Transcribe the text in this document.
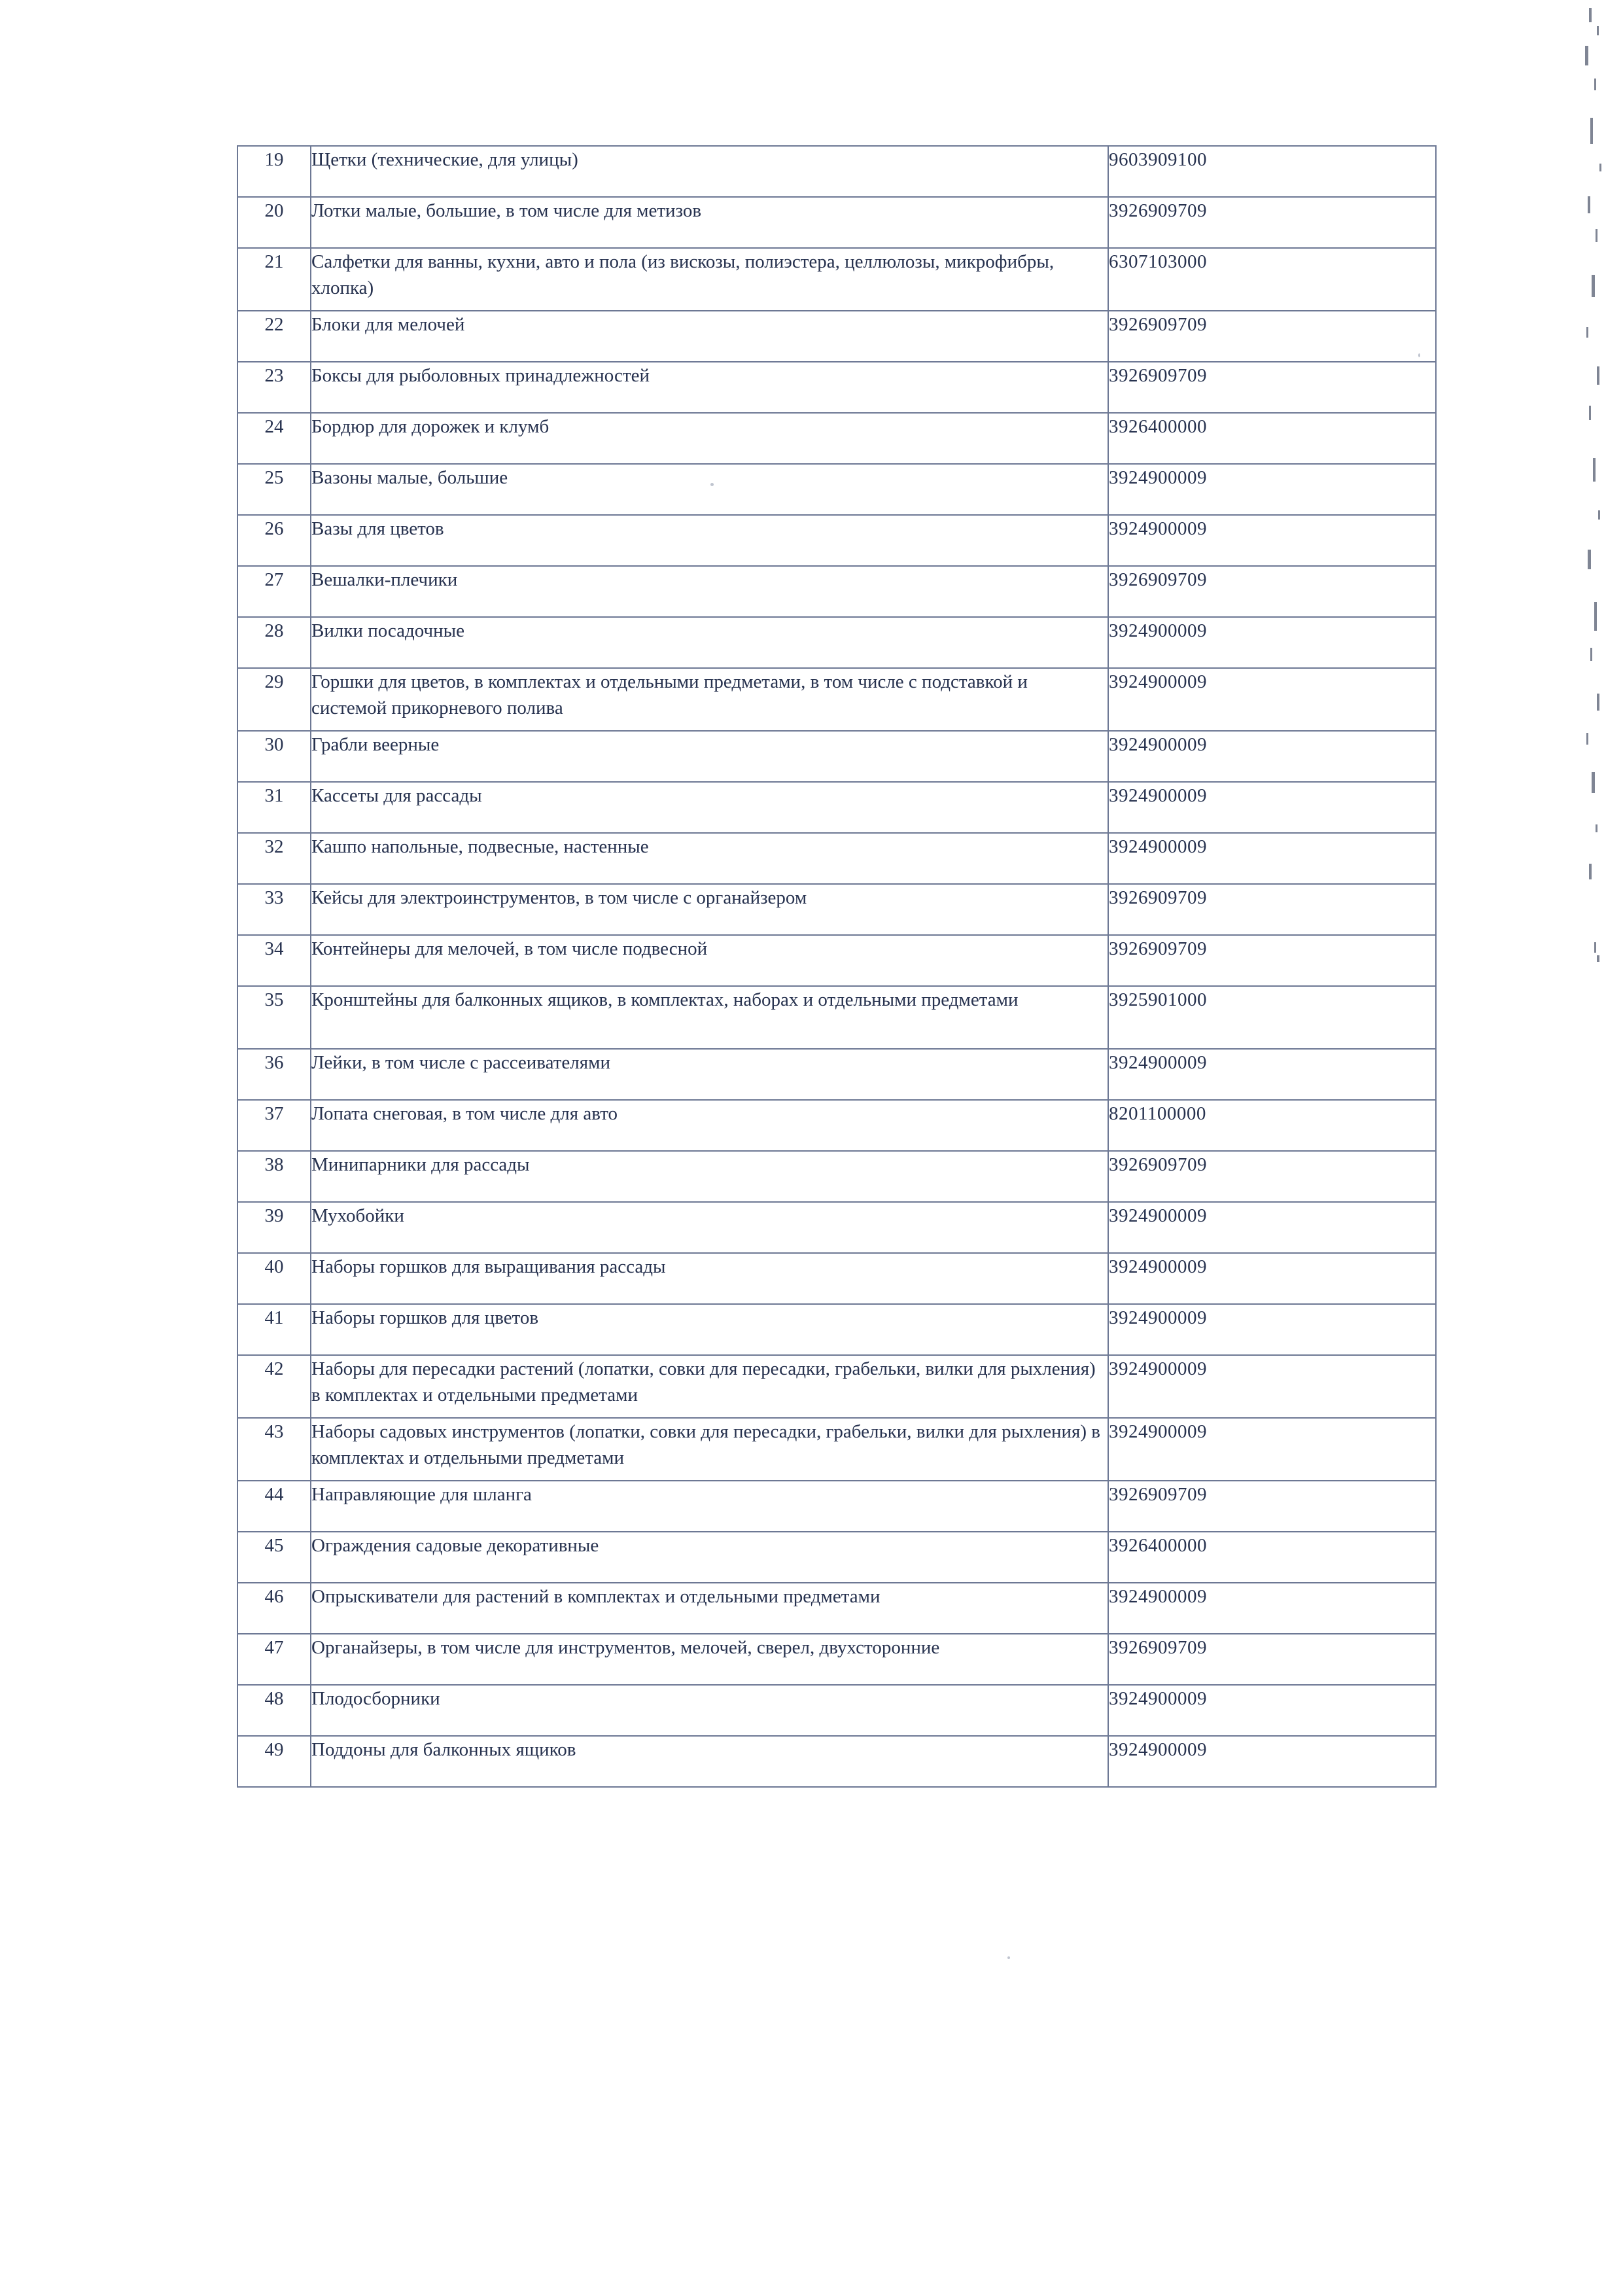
19	Щетки (технические, для улицы)	9603909100
20	Лотки малые, большие, в том числе для метизов	3926909709
21	Салфетки для ванны, кухни, авто и пола (из вискозы, полиэстера, целлюлозы, микрофибры, хлопка)	6307103000
22	Блоки для мелочей	3926909709
23	Боксы для рыболовных принадлежностей	3926909709
24	Бордюр для дорожек и клумб	3926400000
25	Вазоны малые, большие	3924900009
26	Вазы для цветов	3924900009
27	Вешалки-плечики	3926909709
28	Вилки посадочные	3924900009
29	Горшки для цветов, в комплектах и отдельными предметами, в том числе с подставкой и системой прикорневого полива	3924900009
30	Грабли веерные	3924900009
31	Кассеты для рассады	3924900009
32	Кашпо напольные, подвесные, настенные	3924900009
33	Кейсы для электроинструментов, в том числе с органайзером	3926909709
34	Контейнеры для мелочей, в том числе подвесной	3926909709
35	Кронштейны для балконных ящиков, в комплектах, наборах и отдельными предметами	3925901000
36	Лейки, в том числе с рассеивателями	3924900009
37	Лопата снеговая, в том числе для авто	8201100000
38	Минипарники для рассады	3926909709
39	Мухобойки	3924900009
40	Наборы горшков для выращивания рассады	3924900009
41	Наборы горшков для цветов	3924900009
42	Наборы для пересадки растений (лопатки, совки для пересадки, грабельки, вилки для рыхления) в комплектах и отдельными предметами	3924900009
43	Наборы садовых инструментов (лопатки, совки для пересадки, грабельки, вилки для рыхления) в комплектах и отдельными предметами	3924900009
44	Направляющие для шланга	3926909709
45	Ограждения садовые декоративные	3926400000
46	Опрыскиватели для растений в комплектах и отдельными предметами	3924900009
47	Органайзеры, в том числе для инструментов, мелочей, сверел, двухсторонние	3926909709
48	Плодосборники	3924900009
49	Поддоны для балконных ящиков	3924900009
